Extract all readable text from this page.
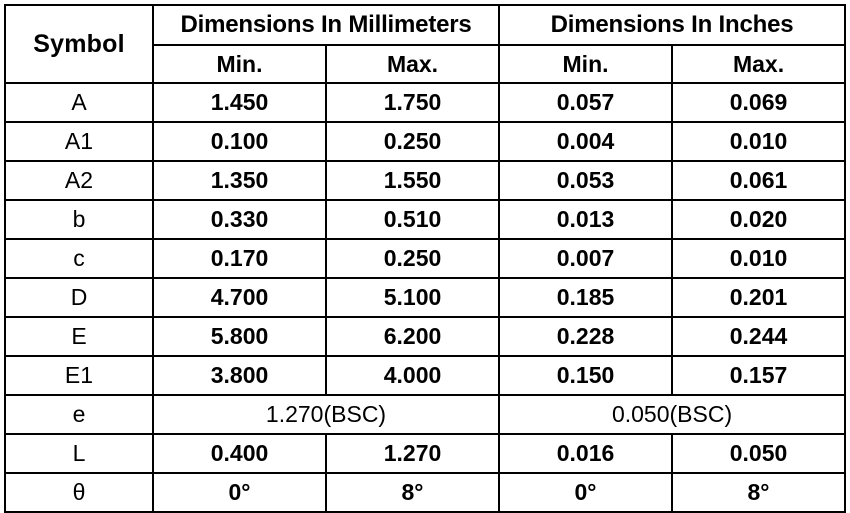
Symbol	Dimensions In Millimeters		Dimensions In Inches	
	Min.	Max.	Min.	Max.
A	1.450	1.750	0.057	0.069
A1	0.100	0.250	0.004	0.010
A2	1.350	1.550	0.053	0.061
b	0.330	0.510	0.013	0.020
c	0.170	0.250	0.007	0.010
D	4.700	5.100	0.185	0.201
E	5.800	6.200	0.228	0.244
E1	3.800	4.000	0.150	0.157
e	1.270(BSC)		0.050(BSC)	
L	0.400	1.270	0.016	0.050
θ	0°	8°	0°	8°
